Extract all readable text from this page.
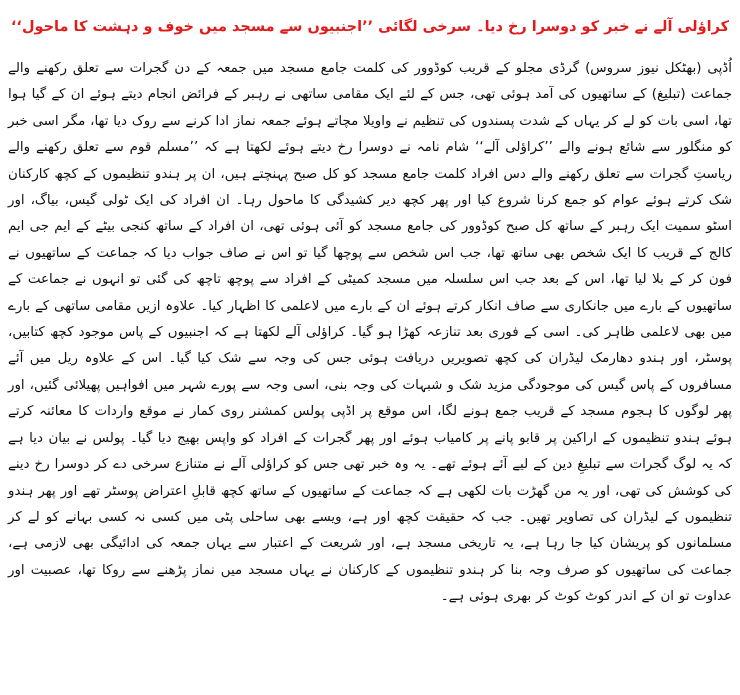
کراؤلی آلے نے خبر کو دوسرا رخ دیا۔ سرخی لگائی ’’اجنبیوں سے مسجد میں خوف و دہشت کا ماحول‘‘

اُڈپی (بھٹکل نیوز سروس) گرڈی مجلو کے قریب کوڈوور کی کلمت جامع مسجد میں جمعہ کے دن گجرات سے تعلق رکھنے والے جماعت (تبلیغ) کے ساتھیوں کی آمد ہوئی تھی، جس کے لئے ایک مقامی ساتھی نے رہبر کے فرائض انجام دیتے ہوئے ان کے گیا ہوا تھا، اسی بات کو لے کر یہاں کے شدت پسندوں کی تنظیم نے واویلا مچاتے ہوئے جمعہ نماز ادا کرنے سے روک دیا تھا، مگر اسی خبر کو منگلور سے شائع ہونے والے ’’کراؤلی آلے‘‘ شام نامہ نے دوسرا رخ دیتے ہوئے لکھتا ہے کہ ’’مسلم قوم سے تعلق رکھنے والے ریاستِ گجرات سے تعلق رکھنے والے دس افراد کلمت جامع مسجد کو کل صبح پہنچتے ہیں، ان پر ہندو تنظیموں کے کچھ کارکنان شک کرتے ہوئے عوام کو جمع کرنا شروع کیا اور پھر کچھ دیر کشیدگی کا ماحول رہا۔ ان افراد کی ایک ٹولی گیس، بیاگ، اور اسٹو سمیت ایک رہبر کے ساتھ کل صبح کوڈوور کی جامع مسجد کو آئی ہوئی تھی، ان افراد کے ساتھ کنجی بیٹے کے ایم جی ایم کالج کے قریب کا ایک شخص بھی ساتھ تھا، جب اس شخص سے پوچھا گیا تو اس نے صاف جواب دیا کہ جماعت کے ساتھیوں نے فون کر کے بلا لیا تھا، اس کے بعد جب اس سلسلہ میں مسجد کمیٹی کے افراد سے پوچھ تاچھ کی گئی تو انہوں نے جماعت کے ساتھیوں کے بارے میں جانکاری سے صاف انکار کرتے ہوئے ان کے بارے میں لاعلمی کا اظہار کیا۔ علاوہ ازیں مقامی ساتھی کے بارے میں بھی لاعلمی ظاہر کی۔ اسی کے فوری بعد تنازعہ کھڑا ہو گیا۔ کراؤلی آلے لکھتا ہے کہ اجنبیوں کے پاس موجود کچھ کتابیں، پوسٹر، اور ہندو دھارمک لیڈران کی کچھ تصویریں دریافت ہوئی جس کی وجہ سے شک کیا گیا۔ اس کے علاوہ ریل میں آئے مسافروں کے پاس گیس کی موجودگی مزید شک و شبہات کی وجہ بنی، اسی وجہ سے پورے شہر میں افواہیں پھیلائی گئیں، اور پھر لوگوں کا ہجوم مسجد کے قریب جمع ہونے لگا، اس موقع پر اڈپی پولس کمشنر روی کمار نے موقع واردات کا معائنہ کرتے ہوئے ہندو تنظیموں کے اراکین پر قابو پانے پر کامیاب ہوئے اور پھر گجرات کے افراد کو واپس بھیج دیا گیا۔ پولس نے بیان دیا ہے کہ یہ لوگ گجرات سے تبلیغِ دین کے لیے آئے ہوئے تھے۔ یہ وہ خبر تھی جس کو کراؤلی آلے نے متنازع سرخی دے کر دوسرا رخ دینے کی کوشش کی تھی، اور یہ من گھڑت بات لکھی ہے کہ جماعت کے ساتھیوں کے ساتھ کچھ قابلِ اعتراض پوسٹر تھے اور پھر ہندو تنظیموں کے لیڈران کی تصاویر تھیں۔ جب کہ حقیقت کچھ اور ہے، ویسے بھی ساحلی پٹی میں کسی نہ کسی بہانے کو لے کر مسلمانوں کو پریشان کیا جا رہا ہے، یہ تاریخی مسجد ہے، اور شریعت کے اعتبار سے یہاں جمعہ کی ادائیگی بھی لازمی ہے، جماعت کی ساتھیوں کو صرف وجہ بنا کر ہندو تنظیموں کے کارکنان نے یہاں مسجد میں نماز پڑھنے سے روکا تھا، عصبیت اور عداوت تو ان کے اندر کوٹ کوٹ کر بھری ہوئی ہے۔
